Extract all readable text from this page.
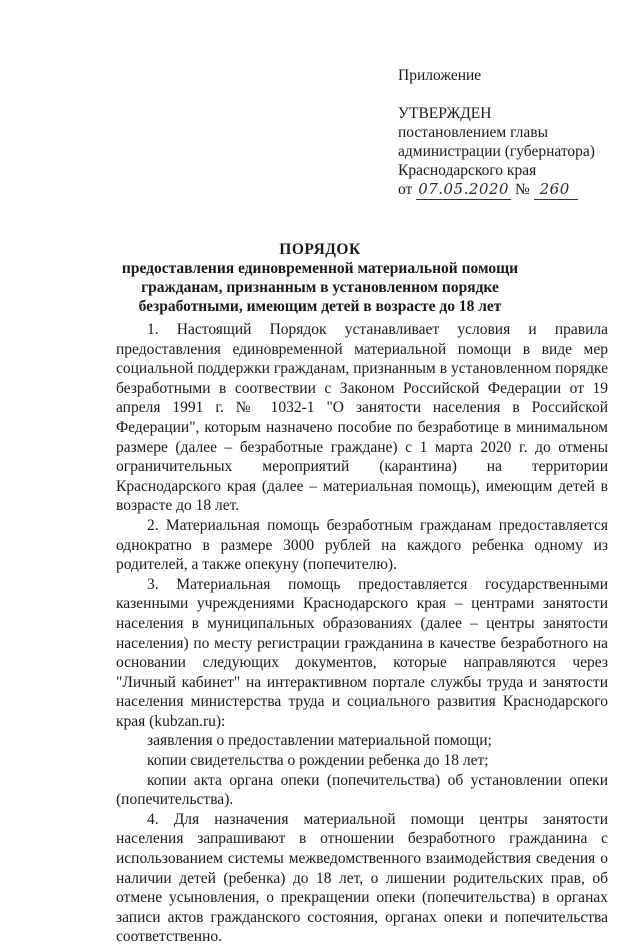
Приложение
УТВЕРЖДЕН
постановлением главы
администрации (губернатора)
Краснодарского края
от 07.05.2020 № 260
ПОРЯДОК
предоставления единовременной материальной помощи
гражданам, признанным в установленном порядке
безработными, имеющим детей в возрасте до 18 лет

1. Настоящий Порядок устанавливает условия и правила предоставления единовременной материальной помощи в виде мер социальной поддержки гражданам, признанным в установленном порядке безработными в соотвествии с Законом Российской Федерации от 19 апреля 1991 г. № 1032-1 "О занятости населения в Российской Федерации", которым назначено пособие по безработице в минимальном размере (далее – безработные граждане) с 1 марта 2020 г. до отмены ограничительных мероприятий (карантина) на территории Краснодарского края (далее – материальная помощь), имеющим детей в возрасте до 18 лет.

2. Материальная помощь безработным гражданам предоставляется однократно в размере 3000 рублей на каждого ребенка одному из родителей, а также опекуну (попечителю).

3. Материальная помощь предоставляется государственными казенными учреждениями Краснодарского края – центрами занятости населения в муниципальных образованиях (далее – центры занятости населения) по месту регистрации гражданина в качестве безработного на основании следующих документов, которые направляются через "Личный кабинет" на интерактивном портале службы труда и занятости населения министерства труда и социального развития Краснодарского края (kubzan.ru):

заявления о предоставлении материальной помощи;

копии свидетельства о рождении ребенка до 18 лет;

копии акта органа опеки (попечительства) об установлении опеки (попечительства).

4. Для назначения материальной помощи центры занятости населения запрашивают в отношении безработного гражданина с использованием системы межведомственного взаимодействия сведения о наличии детей (ребенка) до 18 лет, о лишении родительских прав, об отмене усыновления, о прекращении опеки (попечительства) в органах записи актов гражданского состояния, органах опеки и попечительства соответственно.
